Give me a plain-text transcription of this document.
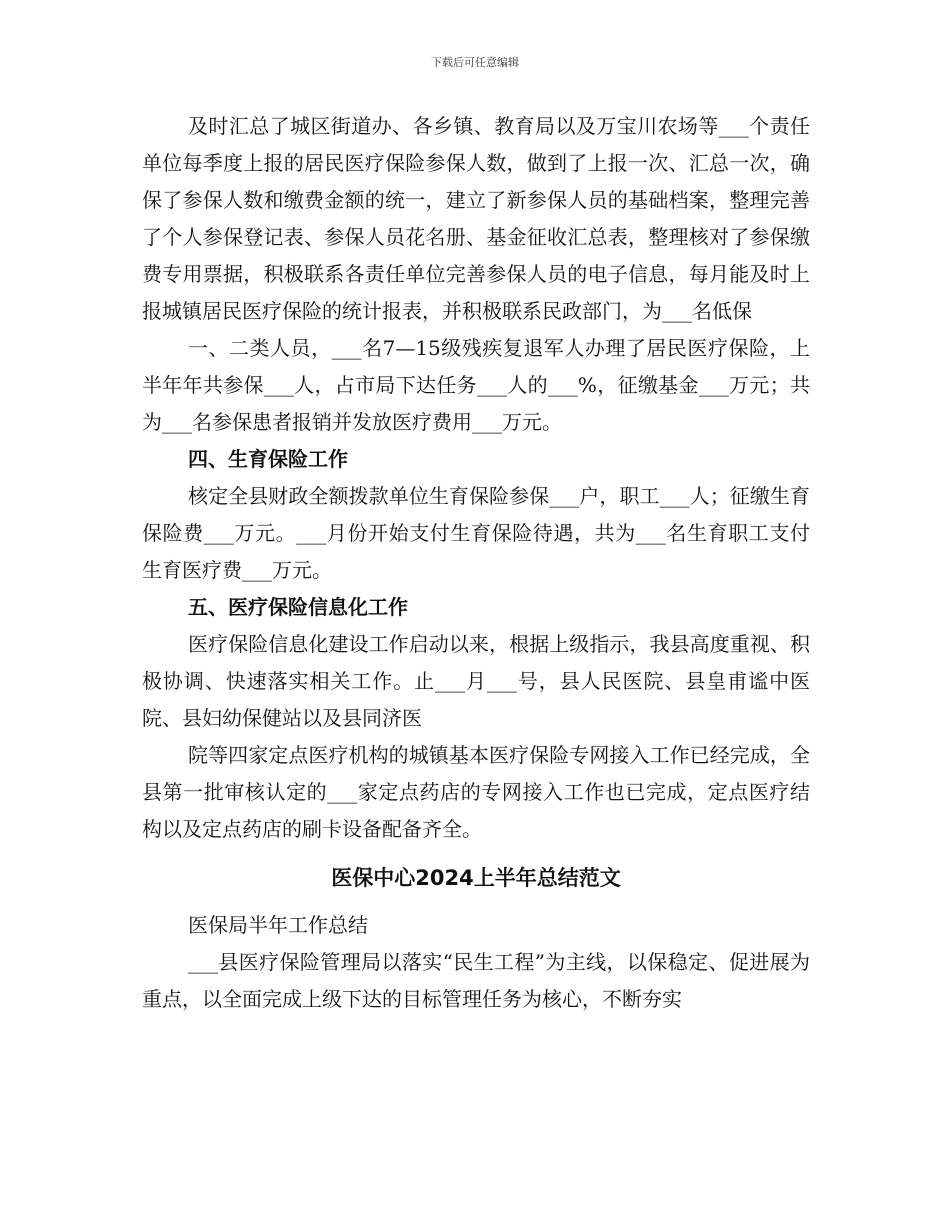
下载后可任意编辑

及时汇总了城区街道办、各乡镇、教育局以及万宝川农场等___个责任单位每季度上报的居民医疗保险参保人数，做到了上报一次、汇总一次，确保了参保人数和缴费金额的统一，建立了新参保人员的基础档案，整理完善了个人参保登记表、参保人员花名册、基金征收汇总表，整理核对了参保缴费专用票据，积极联系各责任单位完善参保人员的电子信息，每月能及时上报城镇居民医疗保险的统计报表，并积极联系民政部门，为___名低保

一、二类人员，___名7—15级残疾复退军人办理了居民医疗保险，上半年年共参保___人，占市局下达任务___人的___%，征缴基金___万元；共为___名参保患者报销并发放医疗费用___万元。

四、生育保险工作

核定全县财政全额拨款单位生育保险参保___户，职工___人；征缴生育保险费___万元。___月份开始支付生育保险待遇，共为___名生育职工支付生育医疗费___万元。

五、医疗保险信息化工作

医疗保险信息化建设工作启动以来，根据上级指示，我县高度重视、积极协调、快速落实相关工作。止___月___号，县人民医院、县皇甫谧中医院、县妇幼保健站以及县同济医

院等四家定点医疗机构的城镇基本医疗保险专网接入工作已经完成，全县第一批审核认定的___家定点药店的专网接入工作也已完成，定点医疗结构以及定点药店的刷卡设备配备齐全。

医保中心2024上半年总结范文

医保局半年工作总结

___县医疗保险管理局以落实“民生工程”为主线，以保稳定、促进展为重点，以全面完成上级下达的目标管理任务为核心，不断夯实
